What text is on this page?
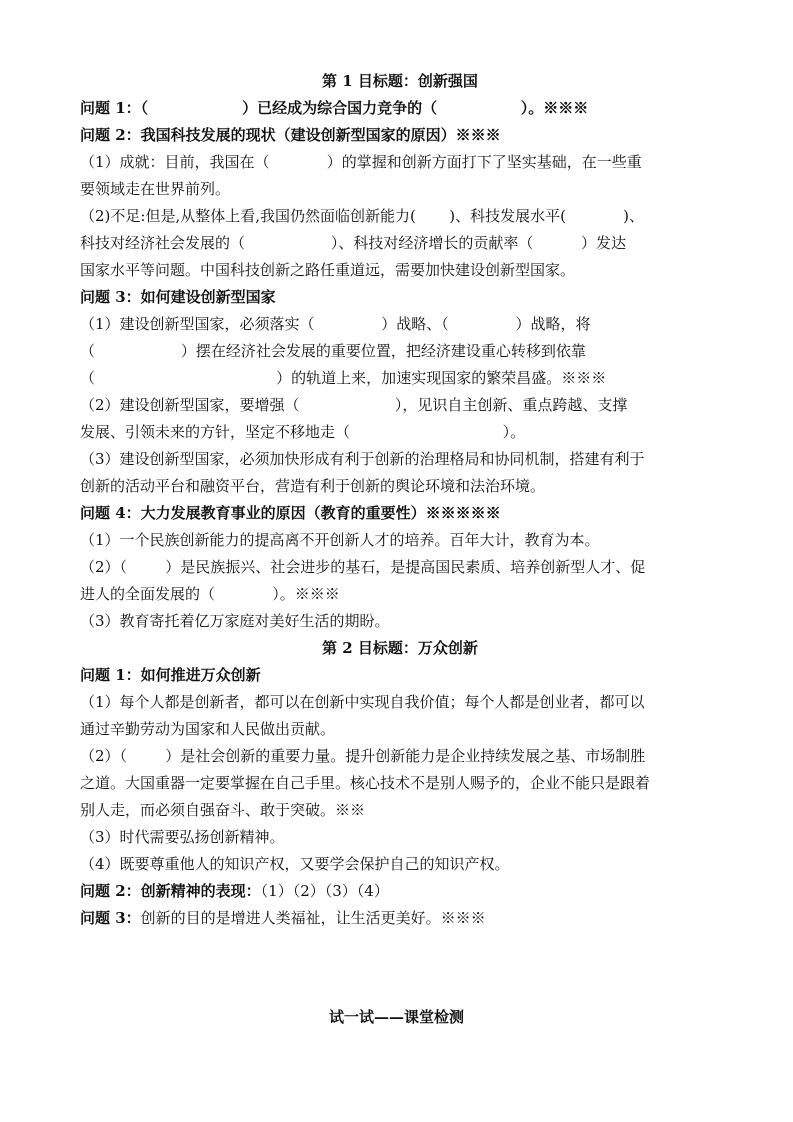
第 1 目标题：创新强国
问题 1：（                  ）已经成为综合国力竞争的（                ）。※※※
问题 2：我国科技发展的现状（建设创新型国家的原因）※※※
（1）成就：目前，我国在（            ）的掌握和创新方面打下了坚实基础，在一些重
要领域走在世界前列。
（2)不足:但是,从整体上看,我国仍然面临创新能力(       )、科技发展水平(            )、
科技对经济社会发展的（                  ）、科技对经济增长的贡献率（          ）发达
国家水平等问题。中国科技创新之路任重道远，需要加快建设创新型国家。
问题 3：如何建设创新型国家
（1）建设创新型国家，必须落实（              ）战略、（              ）战略，将
（                  ）摆在经济社会发展的重要位置，把经济建设重心转移到依靠
（                                      ）的轨道上来，加速实现国家的繁荣昌盛。※※※
（2）建设创新型国家，要增强（                    ），见识自主创新、重点跨越、支撑
发展、引领未来的方针，坚定不移地走（                                ）。
（3）建设创新型国家，必须加快形成有利于创新的治理格局和协同机制，搭建有利于
创新的活动平台和融资平台，营造有利于创新的舆论环境和法治环境。
问题 4：大力发展教育事业的原因（教育的重要性）※※※※※
（1）一个民族创新能力的提高离不开创新人才的培养。百年大计，教育为本。
（2）（        ）是民族振兴、社会进步的基石，是提高国民素质、培养创新型人才、促
进人的全面发展的（            ）。※※※
（3）教育寄托着亿万家庭对美好生活的期盼。
第 2 目标题：万众创新
问题 1：如何推进万众创新
（1）每个人都是创新者，都可以在创新中实现自我价值；每个人都是创业者，都可以
通过辛勤劳动为国家和人民做出贡献。
（2）（        ）是社会创新的重要力量。提升创新能力是企业持续发展之基、市场制胜
之道。大国重器一定要掌握在自己手里。核心技术不是别人赐予的，企业不能只是跟着
别人走，而必须自强奋斗、敢于突破。※※
（3）时代需要弘扬创新精神。
（4）既要尊重他人的知识产权，又要学会保护自己的知识产权。
问题 2：创新精神的表现：（1）（2）（3）（4）
问题 3：创新的目的是增进人类福祉，让生活更美好。※※※
试一试——课堂检测
